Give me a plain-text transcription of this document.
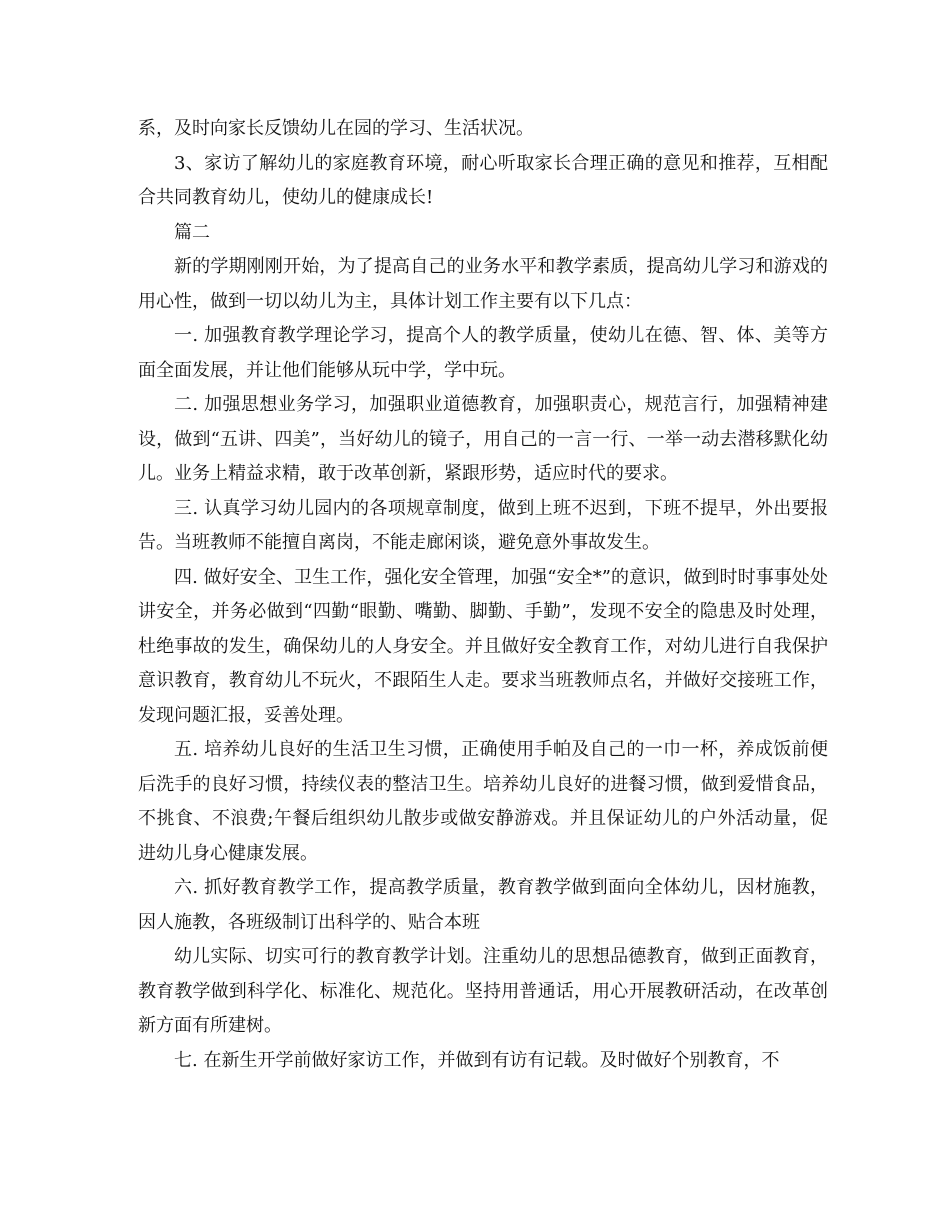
系，及时向家长反馈幼儿在园的学习、生活状况。

3、家访了解幼儿的家庭教育环境，耐心听取家长合理正确的意见和推荐，互相配合共同教育幼儿，使幼儿的健康成长!

篇二

新的学期刚刚开始，为了提高自己的业务水平和教学素质，提高幼儿学习和游戏的用心性，做到一切以幼儿为主，具体计划工作主要有以下几点：

一. 加强教育教学理论学习，提高个人的教学质量，使幼儿在德、智、体、美等方面全面发展，并让他们能够从玩中学，学中玩。

二. 加强思想业务学习，加强职业道德教育，加强职责心，规范言行，加强精神建设，做到“五讲、四美”，当好幼儿的镜子，用自己的一言一行、一举一动去潜移默化幼儿。业务上精益求精，敢于改革创新，紧跟形势，适应时代的要求。

三. 认真学习幼儿园内的各项规章制度，做到上班不迟到，下班不提早，外出要报告。当班教师不能擅自离岗，不能走廊闲谈，避免意外事故发生。

四. 做好安全、卫生工作，强化安全管理，加强“安全*”的意识，做到时时事事处处讲安全，并务必做到“四勤“眼勤、嘴勤、脚勤、手勤”，发现不安全的隐患及时处理，杜绝事故的发生，确保幼儿的人身安全。并且做好安全教育工作，对幼儿进行自我保护意识教育，教育幼儿不玩火，不跟陌生人走。要求当班教师点名，并做好交接班工作，发现问题汇报，妥善处理。

五. 培养幼儿良好的生活卫生习惯，正确使用手帕及自己的一巾一杯，养成饭前便后洗手的良好习惯，持续仪表的整洁卫生。培养幼儿良好的进餐习惯，做到爱惜食品，不挑食、不浪费;午餐后组织幼儿散步或做安静游戏。并且保证幼儿的户外活动量，促进幼儿身心健康发展。

六. 抓好教育教学工作，提高教学质量，教育教学做到面向全体幼儿，因材施教，因人施教，各班级制订出科学的、贴合本班

幼儿实际、切实可行的教育教学计划。注重幼儿的思想品德教育，做到正面教育，教育教学做到科学化、标准化、规范化。坚持用普通话，用心开展教研活动，在改革创新方面有所建树。

七. 在新生开学前做好家访工作，并做到有访有记载。及时做好个别教育，不
